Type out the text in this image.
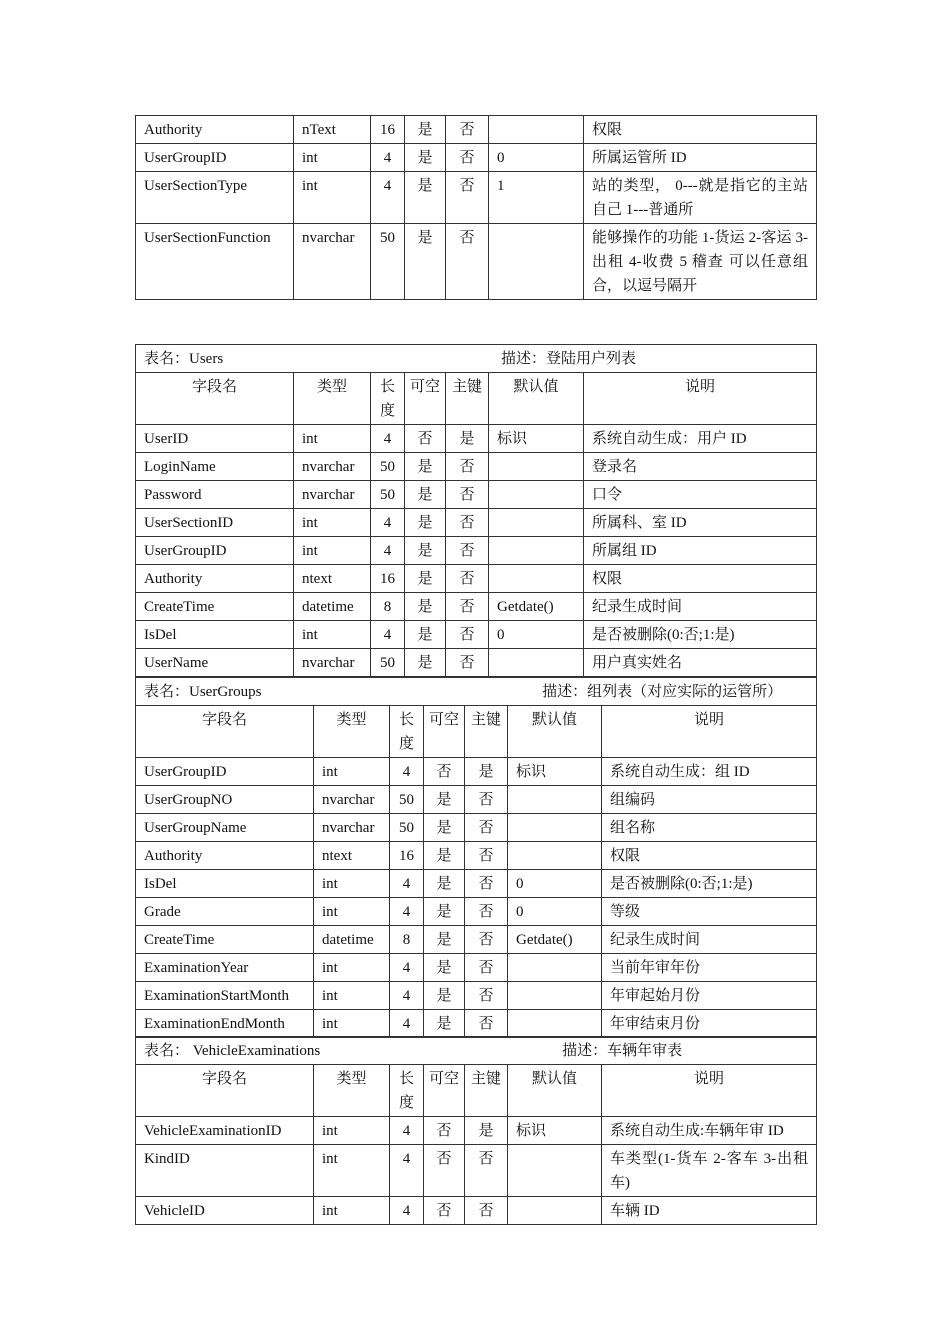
Authority	nText	16	是	否		权限
UserGroupID	int	4	是	否	0	所属运管所 ID
UserSectionType	int	4	是	否	1	站的类型， 0---就是指它的主站自己 1---普通所
UserSectionFunction	nvarchar	50	是	否		能够操作的功能 1-货运 2-客运 3-出租 4-收费 5 稽查 可以任意组合，以逗号隔开
表名：Users 描述：登陆用户列表						

字段名	类型	长度	可空	主键	默认值	说明
UserID	int	4	否	是	标识	系统自动生成：用户 ID
LoginName	nvarchar	50	是	否		登录名
Password	nvarchar	50	是	否		口令
UserSectionID	int	4	是	否		所属科、室 ID
UserGroupID	int	4	是	否		所属组 ID
Authority	ntext	16	是	否		权限
CreateTime	datetime	8	是	否	Getdate()	纪录生成时间
IsDel	int	4	是	否	0	是否被删除(0:否;1:是)
UserName	nvarchar	50	是	否		用户真实姓名
表名：UserGroups 描述：组列表（对应实际的运管所）						

字段名	类型	长度	可空	主键	默认值	说明
UserGroupID	int	4	否	是	标识	系统自动生成：组 ID
UserGroupNO	nvarchar	50	是	否		组编码
UserGroupName	nvarchar	50	是	否		组名称
Authority	ntext	16	是	否		权限
IsDel	int	4	是	否	0	是否被删除(0:否;1:是)
Grade	int	4	是	否	0	等级
CreateTime	datetime	8	是	否	Getdate()	纪录生成时间
ExaminationYear	int	4	是	否		当前年审年份
ExaminationStartMonth	int	4	是	否		年审起始月份
ExaminationEndMonth	int	4	是	否		年审结束月份
表名： VehicleExaminations 描述：车辆年审表						

字段名	类型	长度	可空	主键	默认值	说明
VehicleExaminationID	int	4	否	是	标识	系统自动生成:车辆年审 ID
KindID	int	4	否	否		车类型(1-货车 2-客车 3-出租车)
VehicleID	int	4	否	否		车辆 ID
